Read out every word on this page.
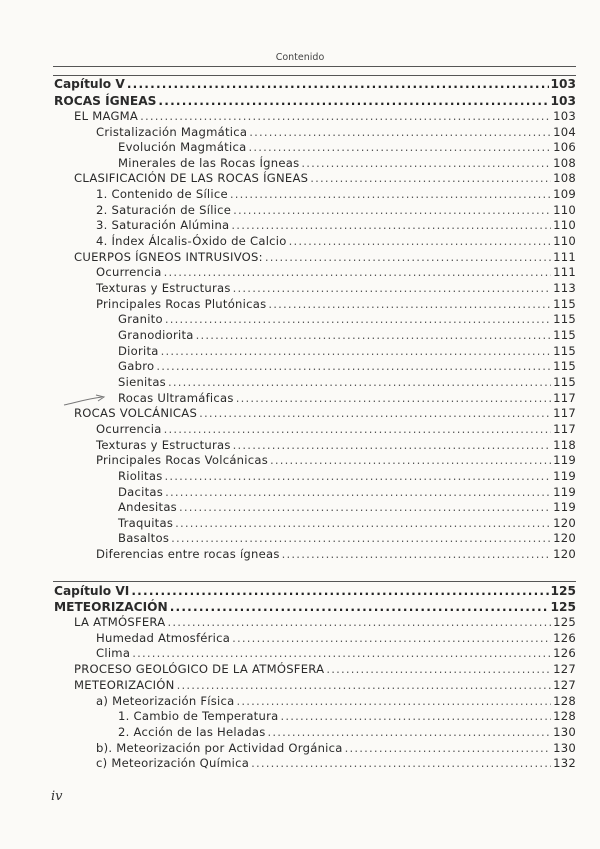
Contenido
Capítulo V .....	103
ROCAS ÍGNEAS .....	103
EL MAGMA .....	103
Cristalización Magmática .....	104
Evolución Magmática .....	106
Minerales de las Rocas Ígneas .....	108
CLASIFICACIÓN DE LAS ROCAS ÍGNEAS .....	108
1. Contenido de Sílice .....	109
2. Saturación de Sílice .....	110
3. Saturación Alúmina .....	110
4. Índex Álcalis-Óxido de Calcio .....	110
CUERPOS ÍGNEOS INTRUSIVOS: .....	111
Ocurrencia .....	111
Texturas y Estructuras .....	113
Principales Rocas Plutónicas .....	115
Granito .....	115
Granodiorita .....	115
Diorita .....	115
Gabro .....	115
Sienitas .....	115
Rocas Ultramáficas .....	117
ROCAS VOLCÁNICAS .....	117
Ocurrencia .....	117
Texturas y Estructuras .....	118
Principales Rocas Volcánicas .....	119
Riolitas .....	119
Dacitas .....	119
Andesitas .....	119
Traquitas .....	120
Basaltos .....	120
Diferencias entre rocas ígneas .....	120
Capítulo VI .....	125
METEORIZACIÓN .....	125
LA ATMÓSFERA .....	125
Humedad Atmosférica .....	126
Clima .....	126
PROCESO GEOLÓGICO DE LA ATMÓSFERA .....	127
METEORIZACIÓN .....	127
a) Meteorización Física .....	128
1. Cambio de Temperatura .....	128
2. Acción de las Heladas .....	130
b). Meteorización por Actividad Orgánica .....	130
c) Meteorización Química .....	132
iv
